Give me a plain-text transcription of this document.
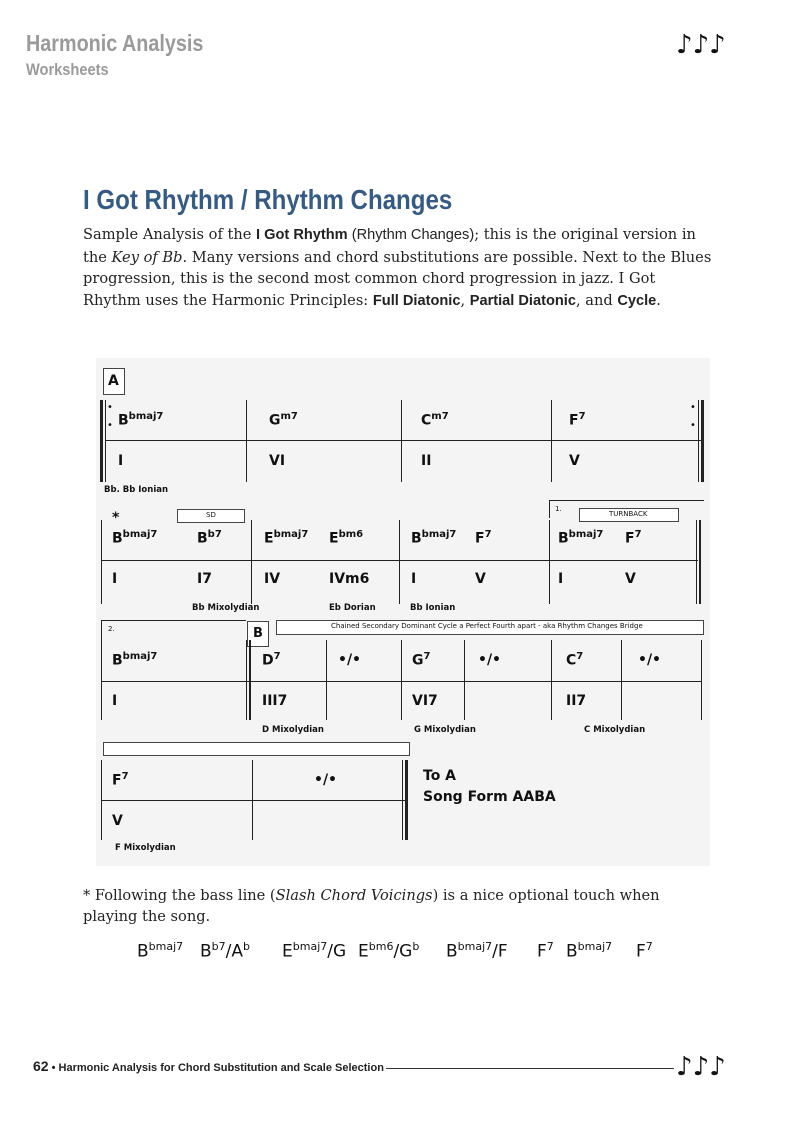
Harmonic Analysis
Worksheets
♪♪♪
I Got Rhythm / Rhythm Changes
Sample Analysis of the I Got Rhythm (Rhythm Changes); this is the original version in the Key of Bb. Many versions and chord substitutions are possible. Next to the Blues progression, this is the second most common chord progression in jazz. I Got Rhythm uses the Harmonic Principles: Full Diatonic, Partial Diatonic, and Cycle.
A
•
•
•
•
$B^{bmaj7}$	$G^{m7}$	$C^{m7}$	$F^7$
I	VI	II	V
Bb. Bb Ionian
*	SD
1.
TURNBACK
$B^{bmaj7}$	$B^{b7}$	$E^{bmaj7}$ $E^{bm6}$	$B^{bmaj7}$ $F^7$	$B^{bmaj7}$ $F^7$
I	I7	IV	IVm6	I	V	I	V
Bb Mixolydian	Eb Dorian	Bb Ionian
2.	B	Chained Secondary Dominant Cycle a Perfect Fourth apart - aka Rhythm Changes Bridge
$B^{bmaj7}$	$D^7$	•/•	$G^7$	•/•	$C^7$	•/•
I	III7	VI7	II7
D Mixolydian	G Mixolydian	C Mixolydian
$F^7$	•/•
V
F Mixolydian
To A
Song Form AABA
* Following the bass line (Slash Chord Voicings) is a nice optional touch when playing the song.
$B^{bmaj7}$ $B^{b7}/A^b$ $E^{bmaj7}/G$ $E^{bm6}/G^b$ $B^{bmaj7}/F$ $F^7$ $B^{bmaj7}$ $F^7$
62 • Harmonic Analysis for Chord Substitution and Scale Selection	♪♪♪
